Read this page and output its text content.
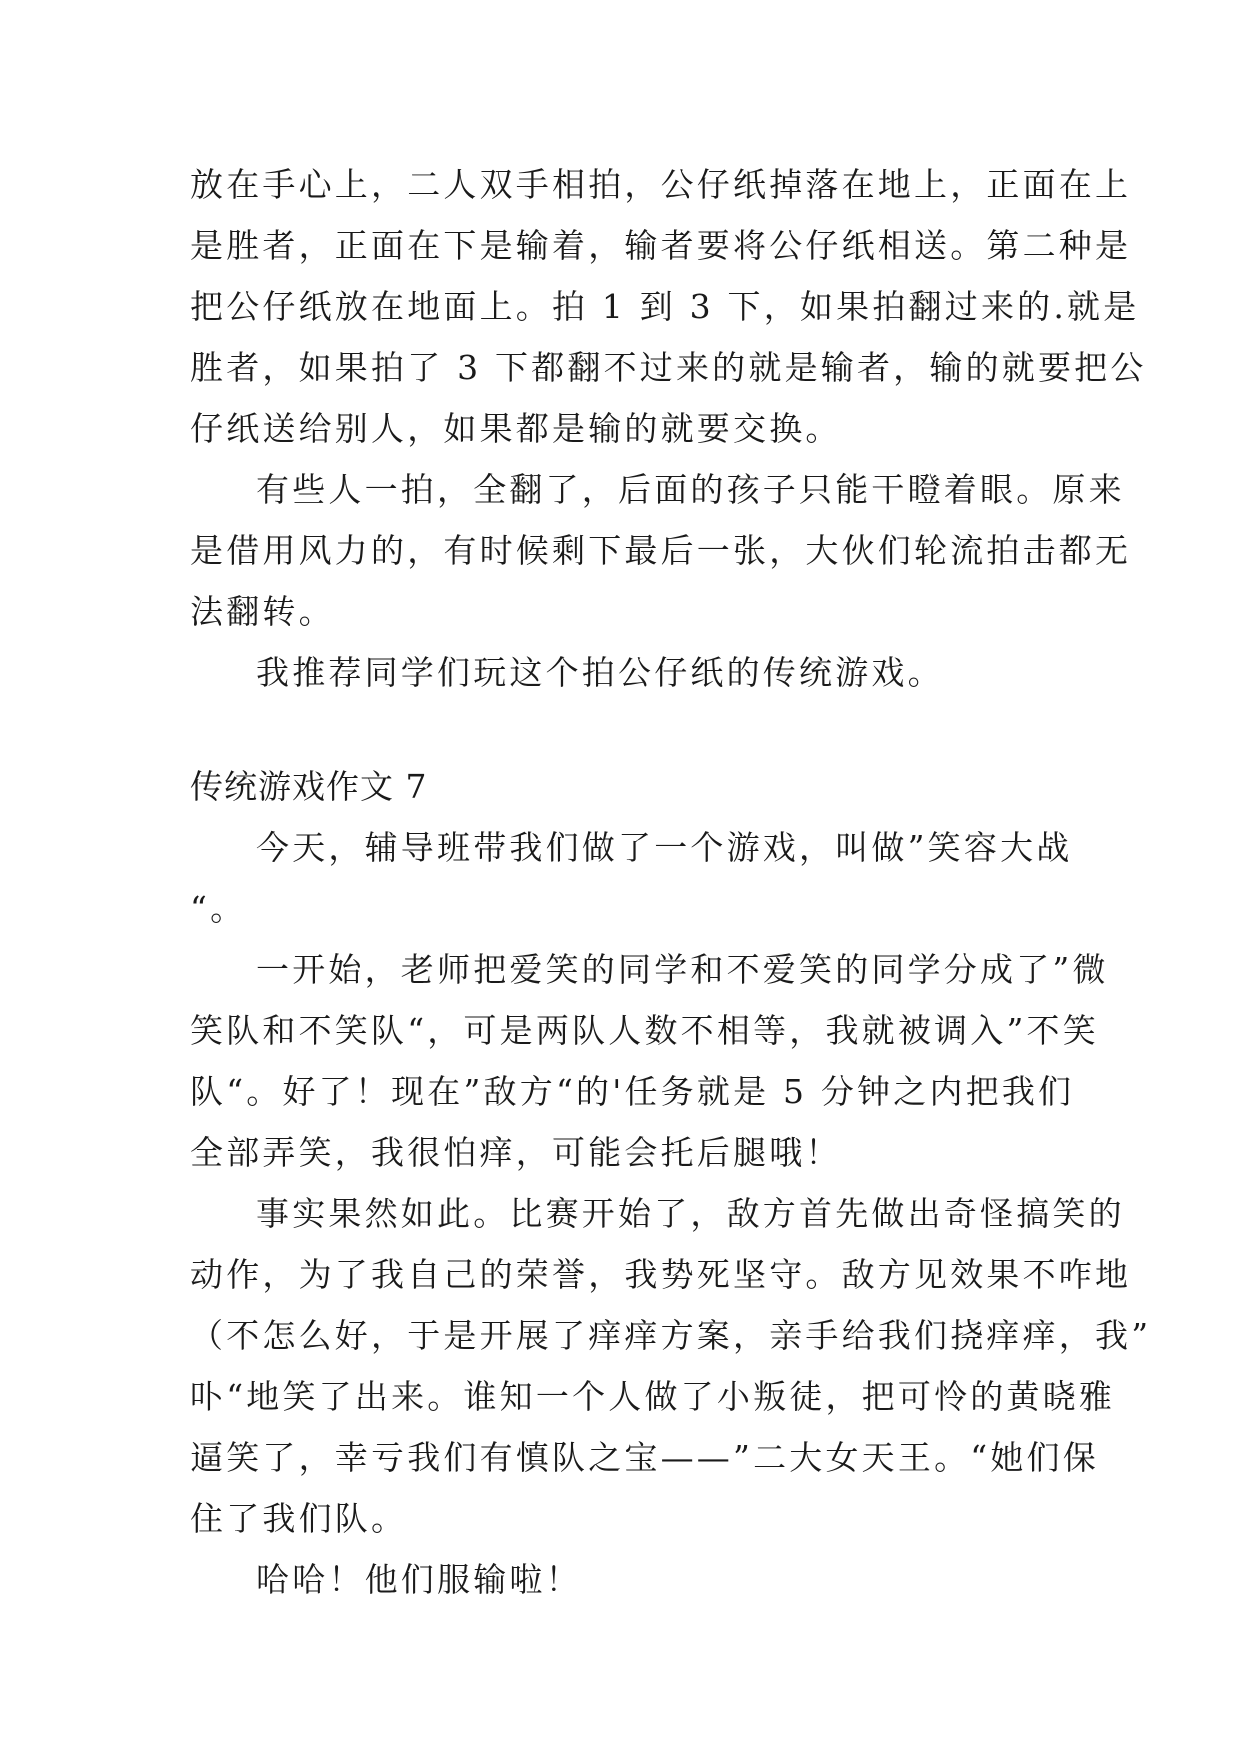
放在手心上，二人双手相拍，公仔纸掉落在地上，正面在上
是胜者，正面在下是输着，输者要将公仔纸相送。第二种是
把公仔纸放在地面上。拍 1 到 3 下，如果拍翻过来的.就是
胜者，如果拍了 3 下都翻不过来的就是输者，输的就要把公
仔纸送给别人，如果都是输的就要交换。
有些人一拍，全翻了，后面的孩子只能干瞪着眼。原来
是借用风力的，有时候剩下最后一张，大伙们轮流拍击都无
法翻转。
我推荐同学们玩这个拍公仔纸的传统游戏。
传统游戏作文 7
今天，辅导班带我们做了一个游戏，叫做”笑容大战
“。
一开始，老师把爱笑的同学和不爱笑的同学分成了”微
笑队和不笑队“，可是两队人数不相等，我就被调入”不笑
队“。好了！现在”敌方“的'任务就是 5 分钟之内把我们
全部弄笑，我很怕痒，可能会托后腿哦！
事实果然如此。比赛开始了，敌方首先做出奇怪搞笑的
动作，为了我自己的荣誉，我势死坚守。敌方见效果不咋地
（不怎么好，于是开展了痒痒方案，亲手给我们挠痒痒，我”
卟“地笑了出来。谁知一个人做了小叛徒，把可怜的黄晓雅
逼笑了，幸亏我们有慎队之宝——”二大女天王。“她们保
住了我们队。
哈哈！他们服输啦！
